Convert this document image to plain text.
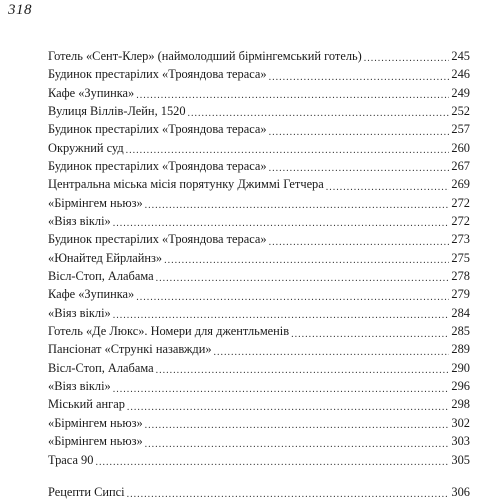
318
Готель «Сент-Клер» (наймолодший бірмінгемський готель) .....	245
Будинок престарілих «Трояндова тераса» .....	246
Кафе «Зупинка» .....	249
Вулиця Віллів-Лейн, 1520 .....	252
Будинок престарілих «Трояндова тераса» .....	257
Окружний суд .....	260
Будинок престарілих «Трояндова тераса» .....	267
Центральна міська місія порятунку Джиммі Гетчера .....	269
«Бірмінгем ньюз» .....	272
«Віяз віклі» .....	272
Будинок престарілих «Трояндова тераса» .....	273
«Юнайтед Ейрлайнз» .....	275
Віcл-Стоп, Алабама .....	278
Кафе «Зупинка» .....	279
«Віяз віклі» .....	284
Готель «Де Люкс». Номери для джентльменів .....	285
Пансіонат «Стрункі назавжди» .....	289
Віcл-Стоп, Алабама .....	290
«Віяз віклі» .....	296
Міський ангар .....	298
«Бірмінгем ньюз» .....	302
«Бірмінгем ньюз» .....	303
Траса 90 .....	305
Рецепти Сипсі .....	306
